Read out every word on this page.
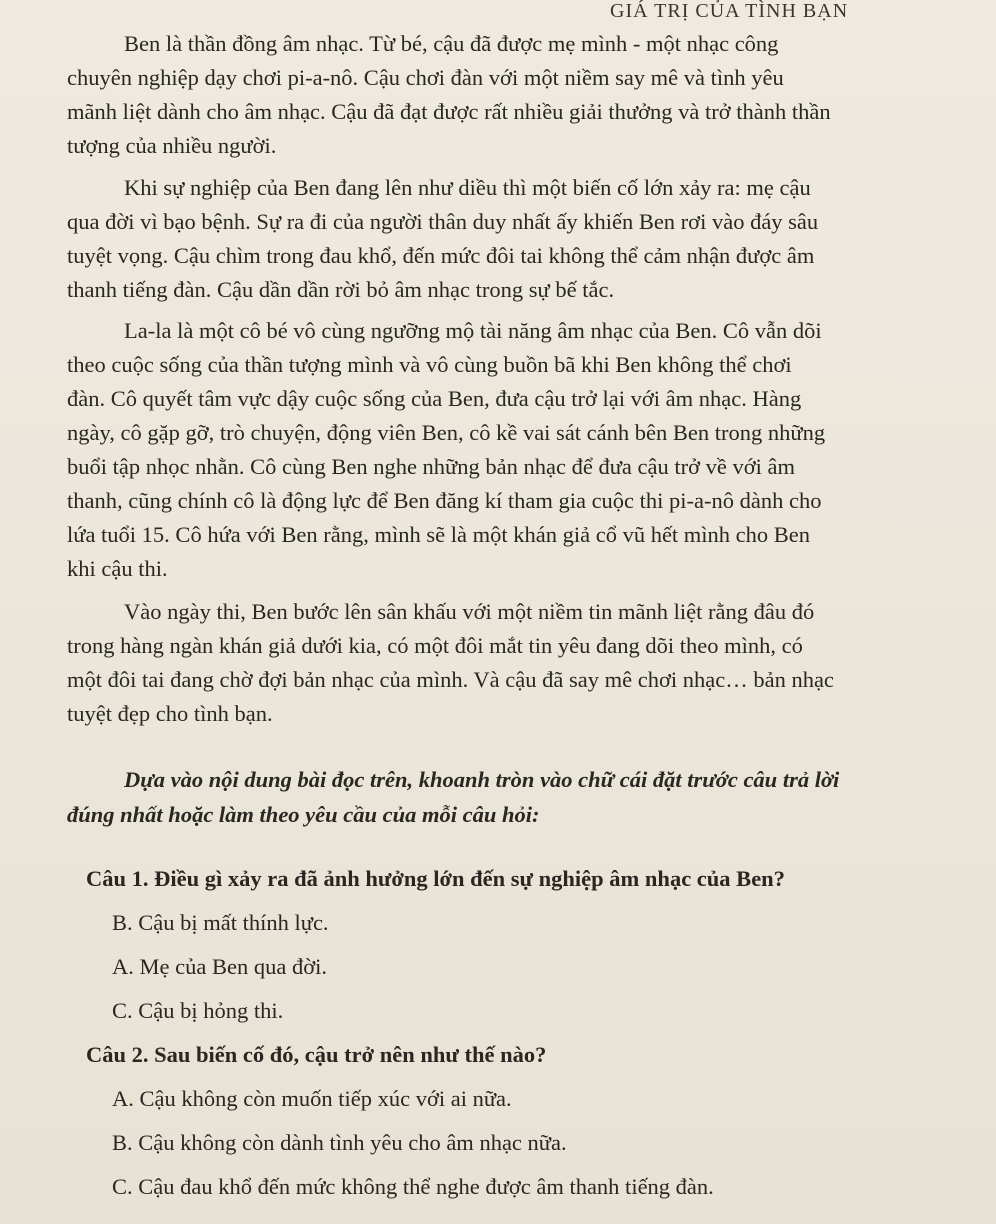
GIÁ TRỊ CỦA TÌNH BẠN
Ben là thần đồng âm nhạc. Từ bé, cậu đã được mẹ mình - một nhạc công
chuyên nghiệp dạy chơi pi-a-nô. Cậu chơi đàn với một niềm say mê và tình yêu
mãnh liệt dành cho âm nhạc. Cậu đã đạt được rất nhiều giải thưởng và trở thành thần
tượng của nhiều người.
Khi sự nghiệp của Ben đang lên như diều thì một biến cố lớn xảy ra: mẹ cậu
qua đời vì bạo bệnh. Sự ra đi của người thân duy nhất ấy khiến Ben rơi vào đáy sâu
tuyệt vọng. Cậu chìm trong đau khổ, đến mức đôi tai không thể cảm nhận được âm
thanh tiếng đàn. Cậu dần dần rời bỏ âm nhạc trong sự bế tắc.
La-la là một cô bé vô cùng ngưỡng mộ tài năng âm nhạc của Ben. Cô vẫn dõi
theo cuộc sống của thần tượng mình và vô cùng buồn bã khi Ben không thể chơi
đàn. Cô quyết tâm vực dậy cuộc sống của Ben, đưa cậu trở lại với âm nhạc. Hàng
ngày, cô gặp gỡ, trò chuyện, động viên Ben, cô kề vai sát cánh bên Ben trong những
buổi tập nhọc nhằn. Cô cùng Ben nghe những bản nhạc để đưa cậu trở về với âm
thanh, cũng chính cô là động lực để Ben đăng kí tham gia cuộc thi pi-a-nô dành cho
lứa tuổi 15. Cô hứa với Ben rằng, mình sẽ là một khán giả cổ vũ hết mình cho Ben
khi cậu thi.
Vào ngày thi, Ben bước lên sân khấu với một niềm tin mãnh liệt rằng đâu đó
trong hàng ngàn khán giả dưới kia, có một đôi mắt tin yêu đang dõi theo mình, có
một đôi tai đang chờ đợi bản nhạc của mình. Và cậu đã say mê chơi nhạc… bản nhạc
tuyệt đẹp cho tình bạn.
Dựa vào nội dung bài đọc trên, khoanh tròn vào chữ cái đặt trước câu trả lời
đúng nhất hoặc làm theo yêu cầu của mỗi câu hỏi:
Câu 1. Điều gì xảy ra đã ảnh hưởng lớn đến sự nghiệp âm nhạc của Ben?
B. Cậu bị mất thính lực.
A. Mẹ của Ben qua đời.
C. Cậu bị hỏng thi.
Câu 2. Sau biến cố đó, cậu trở nên như thế nào?
A. Cậu không còn muốn tiếp xúc với ai nữa.
B. Cậu không còn dành tình yêu cho âm nhạc nữa.
C. Cậu đau khổ đến mức không thể nghe được âm thanh tiếng đàn.
